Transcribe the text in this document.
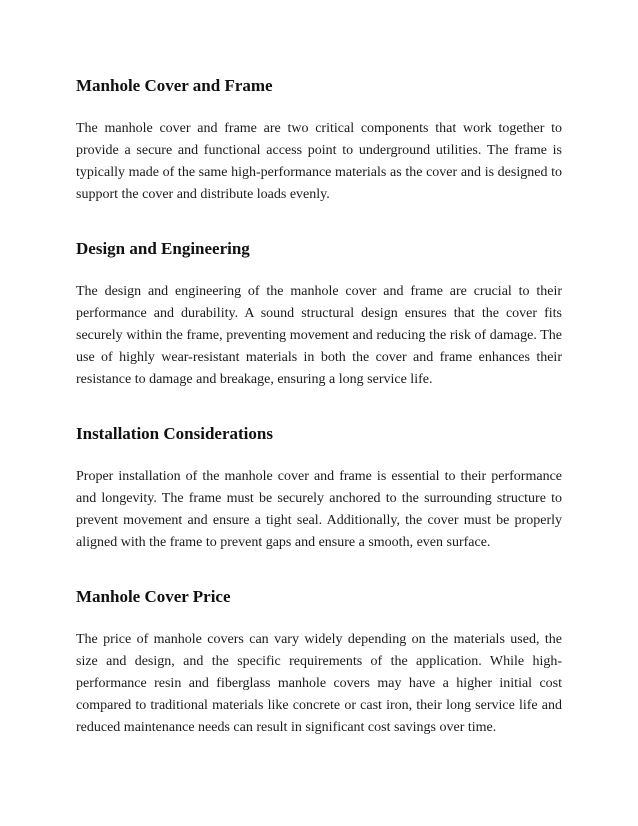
Manhole Cover and Frame

The manhole cover and frame are two critical components that work together to provide a secure and functional access point to underground utilities. The frame is typically made of the same high-performance materials as the cover and is designed to support the cover and distribute loads evenly.

Design and Engineering

The design and engineering of the manhole cover and frame are crucial to their performance and durability. A sound structural design ensures that the cover fits securely within the frame, preventing movement and reducing the risk of damage. The use of highly wear-resistant materials in both the cover and frame enhances their resistance to damage and breakage, ensuring a long service life.

Installation Considerations

Proper installation of the manhole cover and frame is essential to their performance and longevity. The frame must be securely anchored to the surrounding structure to prevent movement and ensure a tight seal. Additionally, the cover must be properly aligned with the frame to prevent gaps and ensure a smooth, even surface.

Manhole Cover Price

The price of manhole covers can vary widely depending on the materials used, the size and design, and the specific requirements of the application. While high-performance resin and fiberglass manhole covers may have a higher initial cost compared to traditional materials like concrete or cast iron, their long service life and reduced maintenance needs can result in significant cost savings over time.
